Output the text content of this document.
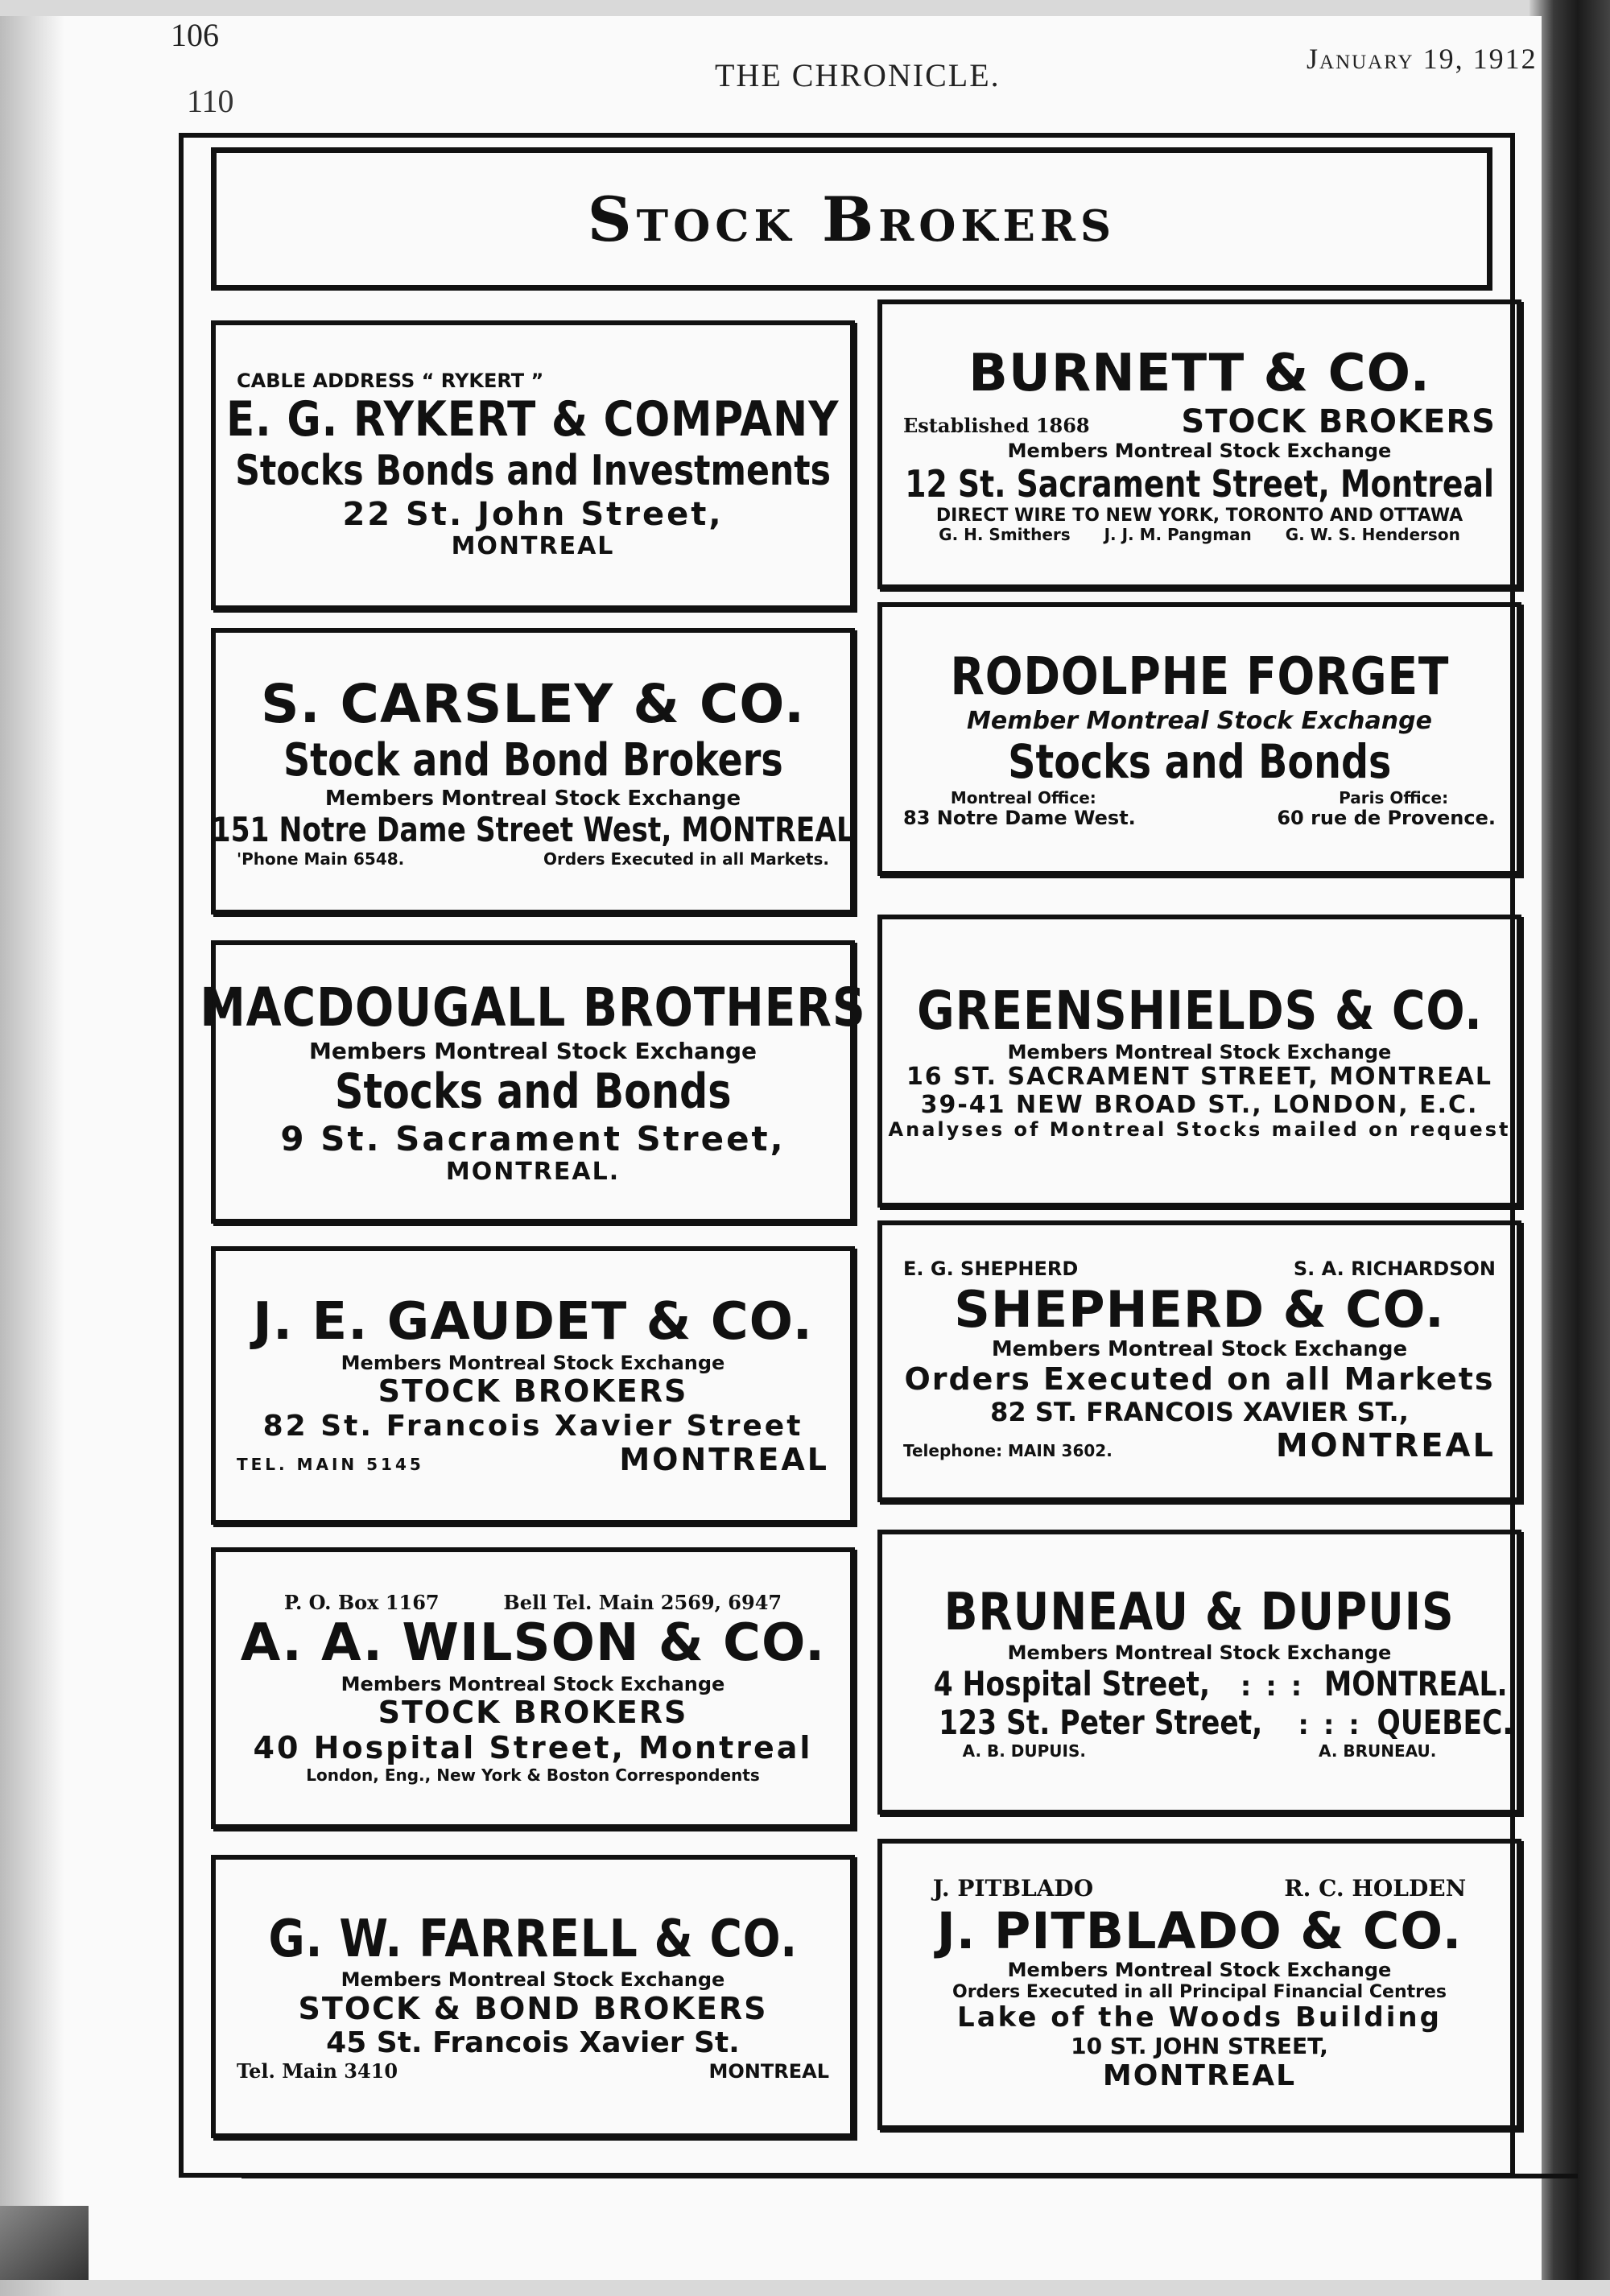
106
110
THE CHRONICLE.	January 19, 1912
Stock Brokers
CABLE ADDRESS “ RYKERT ”
E. G. RYKERT & COMPANY
Stocks Bonds and Investments
22 St. John Street,
MONTREAL
BURNETT & CO.
Established 1868	STOCK BROKERS
Members Montreal Stock Exchange
12 St. Sacrament Street, Montreal
DIRECT WIRE TO NEW YORK, TORONTO AND OTTAWA
G. H. Smithers J. J. M. Pangman G. W. S. Henderson
S. CARSLEY & CO.
Stock and Bond Brokers
Members Montreal Stock Exchange
151 Notre Dame Street West, MONTREAL
'Phone Main 6548.	Orders Executed in all Markets.
RODOLPHE FORGET
Member Montreal Stock Exchange
Stocks and Bonds
Montreal Office:	Paris Office:
83 Notre Dame West.	60 rue de Provence.
MACDOUGALL BROTHERS
Members Montreal Stock Exchange
Stocks and Bonds
9 St. Sacrament Street,
MONTREAL.
GREENSHIELDS & CO.
Members Montreal Stock Exchange
16 ST. SACRAMENT STREET, MONTREAL
39-41 NEW BROAD ST., LONDON, E.C.
Analyses of Montreal Stocks mailed on request
J. E. GAUDET & CO.
Members Montreal Stock Exchange
STOCK BROKERS
82 St. Francois Xavier Street
TEL. MAIN 5145	MONTREAL
E. G. SHEPHERD	S. A. RICHARDSON
SHEPHERD & CO.
Members Montreal Stock Exchange
Orders Executed on all Markets
82 ST. FRANCOIS XAVIER ST.,
Telephone: MAIN 3602.	MONTREAL
P. O. Box 1167	Bell Tel. Main 2569, 6947
A. A. WILSON & CO.
Members Montreal Stock Exchange
STOCK BROKERS
40 Hospital Street, Montreal
London, Eng., New York & Boston Correspondents
BRUNEAU & DUPUIS
Members Montreal Stock Exchange
4 Hospital Street, : : : MONTREAL.
123 St. Peter Street, : : : QUEBEC.
A. B. DUPUIS.	A. BRUNEAU.
G. W. FARRELL & CO.
Members Montreal Stock Exchange
STOCK & BOND BROKERS
45 St. Francois Xavier St.
Tel. Main 3410	MONTREAL
J. PITBLADO	R. C. HOLDEN
J. PITBLADO & CO.
Members Montreal Stock Exchange
Orders Executed in all Principal Financial Centres
Lake of the Woods Building
10 ST. JOHN STREET,
MONTREAL
